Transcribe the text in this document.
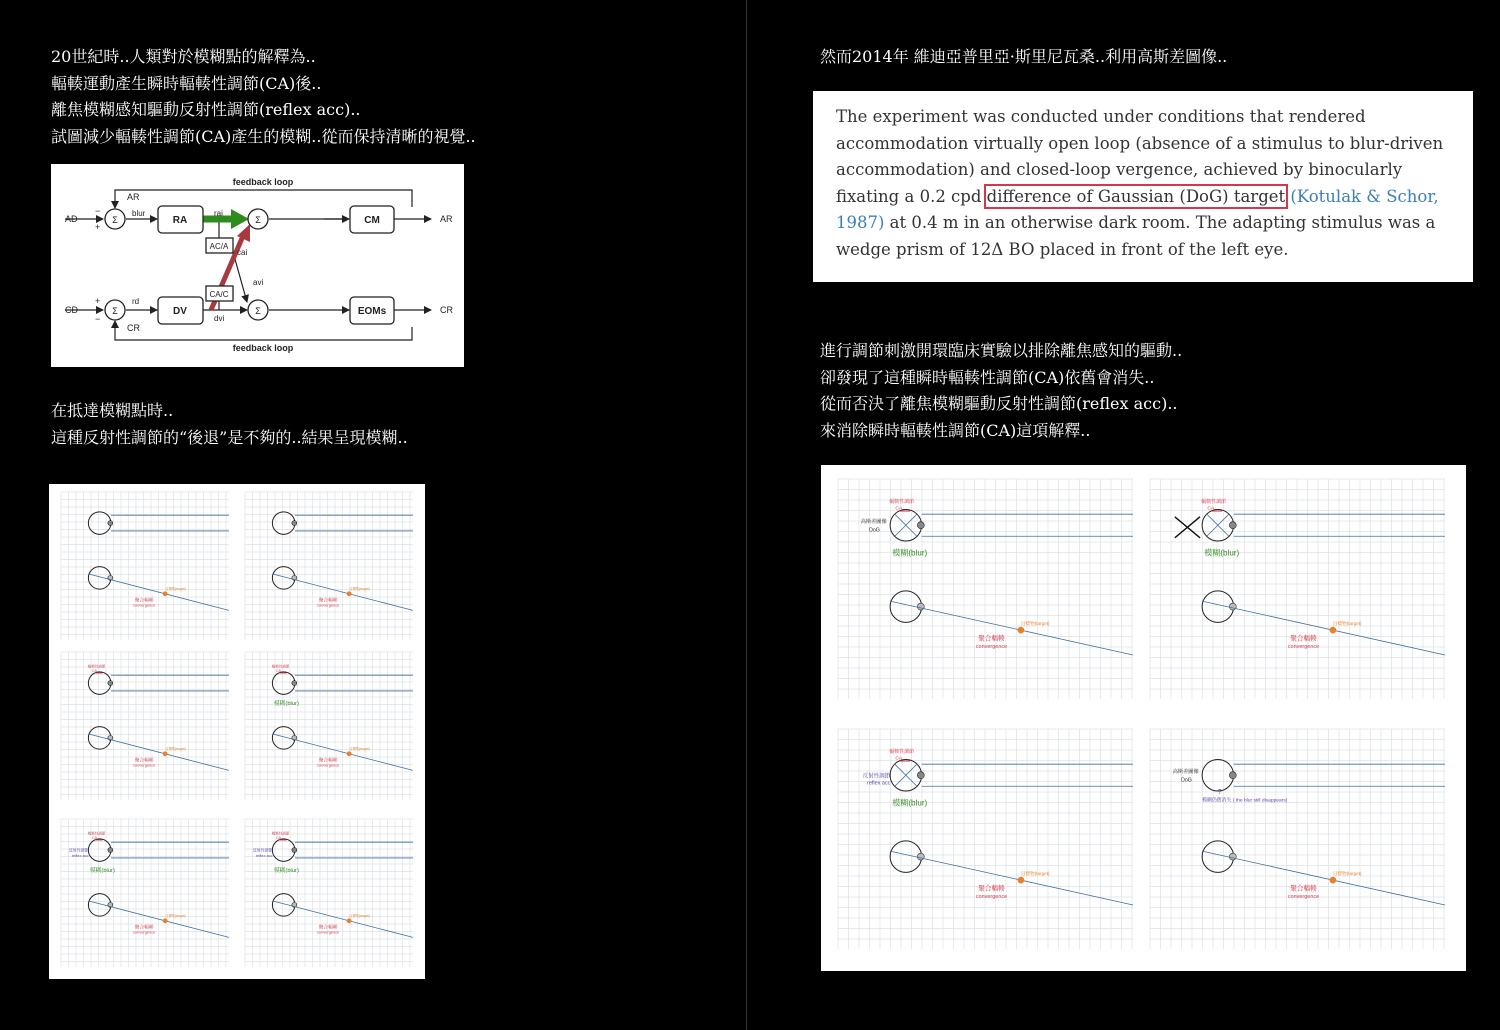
20世紀時..人類對於模糊點的解釋為..
輻輳運動產生瞬時輻輳性調節(CA)後..
離焦模糊感知驅動反射性調節(reflex acc)..
試圖減少輻輳性調節(CA)產生的模糊..從而保持清晰的視覺..
feedback loop
feedback loop
AD
CD
AR
CR
blur
rd
RA
DV
CM
EOMs
AC/A
CA/C
rai
dvi
cai
avi
AR
CR
Σ	Σ
Σ	Σ
−
+
+
−
在抵達模糊點時..
這種反射性調節的“後退”是不夠的..結果呈現模糊..
目標物(target)
聚合輻輳
convergence
目標物(target)
聚合輻輳
convergence
目標物(target)
聚合輻輳
convergence
輻輳性調節
CA
目標物(target)
聚合輻輳
convergence
輻輳性調節
CA
模糊(blur)
目標物(target)
聚合輻輳
convergence
輻輳性調節
CA
模糊(blur)
反射性調節
reflex acc
目標物(target)
聚合輻輳
convergence
輻輳性調節
CA
模糊(blur)
反射性調節
reflex acc
然而2014年 維迪亞普里亞·斯里尼瓦桑..利用高斯差圖像..
The experiment was conducted under conditions that rendered accommodation virtually open loop (absence of a stimulus to blur-driven accommodation) and closed-loop vergence, achieved by binocularly fixating a 0.2 cpd difference of Gaussian (DoG) target (Kotulak & Schor, 1987) at 0.4 m in an otherwise dark room. The adapting stimulus was a wedge prism of 12Δ BO placed in front of the left eye.
進行調節刺激開環臨床實驗以排除離焦感知的驅動..
卻發現了這種瞬時輻輳性調節(CA)依舊會消失..
從而否決了離焦模糊驅動反射性調節(reflex acc)..
來消除瞬時輻輳性調節(CA)這項解釋..
目標物(target)
聚合輻輳
convergence
輻輳性調節
CA
高斯差圖像
DoG
模糊(blur)
目標物(target)
聚合輻輳
convergence
輻輳性調節
CA
模糊(blur)
目標物(target)
聚合輻輳
convergence
輻輳性調節
CA
模糊(blur)
反射性調節
reflex acc
目標物(target)
聚合輻輳
convergence
高斯差圖像
DoG
模糊仍舊消失 ( the blur still disappears)
?
